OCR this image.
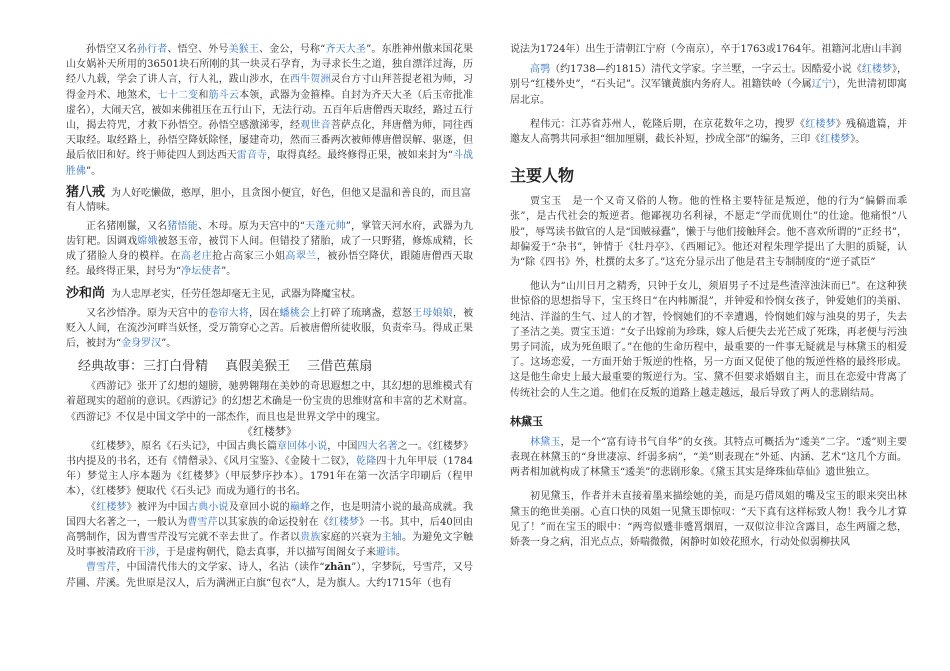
孙悟空又名孙行者、悟空、外号美猴王、金公，号称“齐天大圣”。东胜神州傲来国花果山女娲补天所用的36501块石所刚的其一块灵石孕育，为寻求长生之道，独自漂洋过海，历经八九载，学会了讲人言，行人礼，跋山涉水，在西牛贺洲灵台方寸山拜菩提老祖为师，习得金丹术、地煞术，七十二变和筋斗云本领，武器为金箍棒。自封为齐天大圣（后玉帝批准虚名），大闹天宫，被如来佛祖压在五行山下，无法行动。五百年后唐僧西天取经，路过五行山，揭去符咒，才救下孙悟空。孙悟空感激涕零，经观世音菩萨点化，拜唐僧为师，同往西天取经。取经路上，孙悟空降妖除怪，屡建奇功，然而三番两次被师傅唐僧误解、驱逐，但最后依旧和好。终于师徒四人到达西天雷音寺，取得真经。最终修得正果，被如来封为“斗战胜佛”。

猪八戒 为人好吃懒做，憨厚，胆小，且贪图小便宜，好色，但他又是温和善良的，而且富有人情味。

正名猪刚鬣，又名猪悟能、木母。原为天宫中的“天蓬元帅”，掌管天河水府，武器为九齿钉耙。因调戏嫦娥被怒玉帝，被罚下人间。但错投了猪胎，成了一只野猪，修炼成精，长成了猪脸人身的模样。在高老庄抢占高家三小姐高翠兰，被孙悟空降伏，跟随唐僧西天取经。最终得正果，封号为“净坛使者”。

沙和尚 为人忠厚老实，任劳任怨却毫无主见，武器为降魔宝杖。

又名沙悟净。原为天宫中的卷帘大将，因在蟠桃会上打碎了琉璃盏，惹怒王母娘娘，被贬入人间，在流沙河畔当妖怪，受万箭穿心之苦。后被唐僧所徒收服，负责牵马。得成正果后，被封为“金身罗汉”。

经典故事：三打白骨精　 真假美猴王　 三借芭蕉扇

《西游记》张开了幻想的翅膀，驰骋翱翔在美妙的奇思遐想之中，其幻想的思维模式有着超现实的超前的意识。《西游记》的幻想艺术确是一份宝贵的思维财富和丰富的艺术财富。《西游记》不仅是中国文学中的一部杰作，而且也是世界文学中的瑰宝。

《红楼梦》

《红楼梦》，原名《石头记》，中国古典长篇章回体小说，中国四大名著之一。《红楼梦》书内提及的书名，还有《情僧录》、《风月宝鉴》、《金陵十二钗》，乾隆四十九年甲辰（1784年）梦觉主人序本题为《红楼梦》（甲辰梦序抄本）。1791年在第一次活字印刷后（程甲本），《红楼梦》便取代《石头记》而成为通行的书名。

《红楼梦》被评为中国古典小说及章回小说的巅峰之作，也是明清小说的最高成就。我国四大名著之一，一般认为曹雪芹以其家族的命运投射在《红楼梦》一书。其中，后40回由高鹗制作，因为曹雪芹没写完就不幸去世了。作者以贵族家庭的兴衰为主轴。为避免文字触及时事被清政府干涉，于是虚构朝代，隐去真事，并以描写闺阁女子来避讳。

曹雪芹，中国清代伟大的文学家、诗人，名沾（读作“zhān”），字梦阮，号雪芹，又号芹圃、芹溪。先世原是汉人，后为满洲正白旗“包衣”人，是为旗人。大约1715年（也有

说法为1724年）出生于清朝江宁府（今南京），卒于1763或1764年。祖籍河北唐山丰润

高鹗（约1738—约1815）清代文学家。字兰墅，一字云士。因酷爱小说《红楼梦》，别号“红楼外史”，“石头记”。汉军镶黄旗内务府人。祖籍铁岭（今属辽宁），先世清初即寓居北京。

程伟元：江苏省苏州人，乾隆后期，在京花数年之功，搜罗《红楼梦》残稿遗篇，并邀友人高鹗共同承担“细加厘剔，截长补短，抄成全部”的编务，三印《红楼梦》。

主要人物

贾宝玉　是一个又奇又俗的人物。他的性格主要特征是叛逆，他的行为“偏僻而乖张”，是古代社会的叛逆者。他鄙视功名利禄，不愿走“学而优则仕”的仕途。他痛恨“八股”，辱骂读书做官的人是“国贼禄蠹”，懒于与他们接触拜会。他不喜欢所谓的“正经书”，却偏爱于“杂书”，钟情于《牡丹亭》、《西厢记》。他还对程朱理学提出了大胆的质疑，认为“除《四书》外，杜撰的太多了。”这充分显示出了他是君主专制制度的“逆子贰臣”

他认为“山川日月之精秀，只钟于女儿，须眉男子不过是些渣滓浊沫而已”。在这种狭世惊俗的思想指导下，宝玉终日“在内帏厮混”，并钟爱和怜悯女孩子，钟爱她们的美丽、纯洁、洋溢的生气、过人的才智，怜悯她们的不幸遭遇，怜悯她们嫁与浊臭的男子，失去了圣洁之美。贾宝玉道：“女子出嫁前为珍珠，嫁人后便失去光芒成了死珠，再老便与污浊男子同流，成为死鱼眼了。”在他的生命历程中，最重要的一件事无疑就是与林黛玉的相爱了。这场恋爱，一方面开始于叛逆的性格，另一方面又促使了他的叛逆性格的最终形成。这是他生命史上最大最重要的叛逆行为。宝、黛不但要求婚姻自主，而且在恋爱中背离了传统社会的人生之道。他们在反叛的道路上越走越远，最后导致了两人的悲剧结局。

林黛玉

林黛玉，是一个“富有诗书气自华”的女孩。其特点可概括为“逶美”二字。“逶”则主要表现在林黛玉的“身世凄凉、纤弱多病”，“美”则表现在“外延、内涵、艺术”这几个方面。两者相加就构成了林黛玉“逶美”的悲剧形象。《黛玉其实是绛珠仙草仙》遗世独立。

初见黛玉，作者并未直接着墨来描绘她的美，而是巧借凤姐的嘴及宝玉的眼来突出林黛玉的绝世美丽。心直口快的凤姐一见黛玉即惊叹：“天下真有这样标致人物！我今儿才算见了！”而在宝玉的眼中：“两弯似蹙非蹙罥烟眉，一双似泣非泣含露目，态生两靥之愁，娇袭一身之病，泪光点点，娇喘微微，闲静时如姣花照水，行动处似弱柳扶风
